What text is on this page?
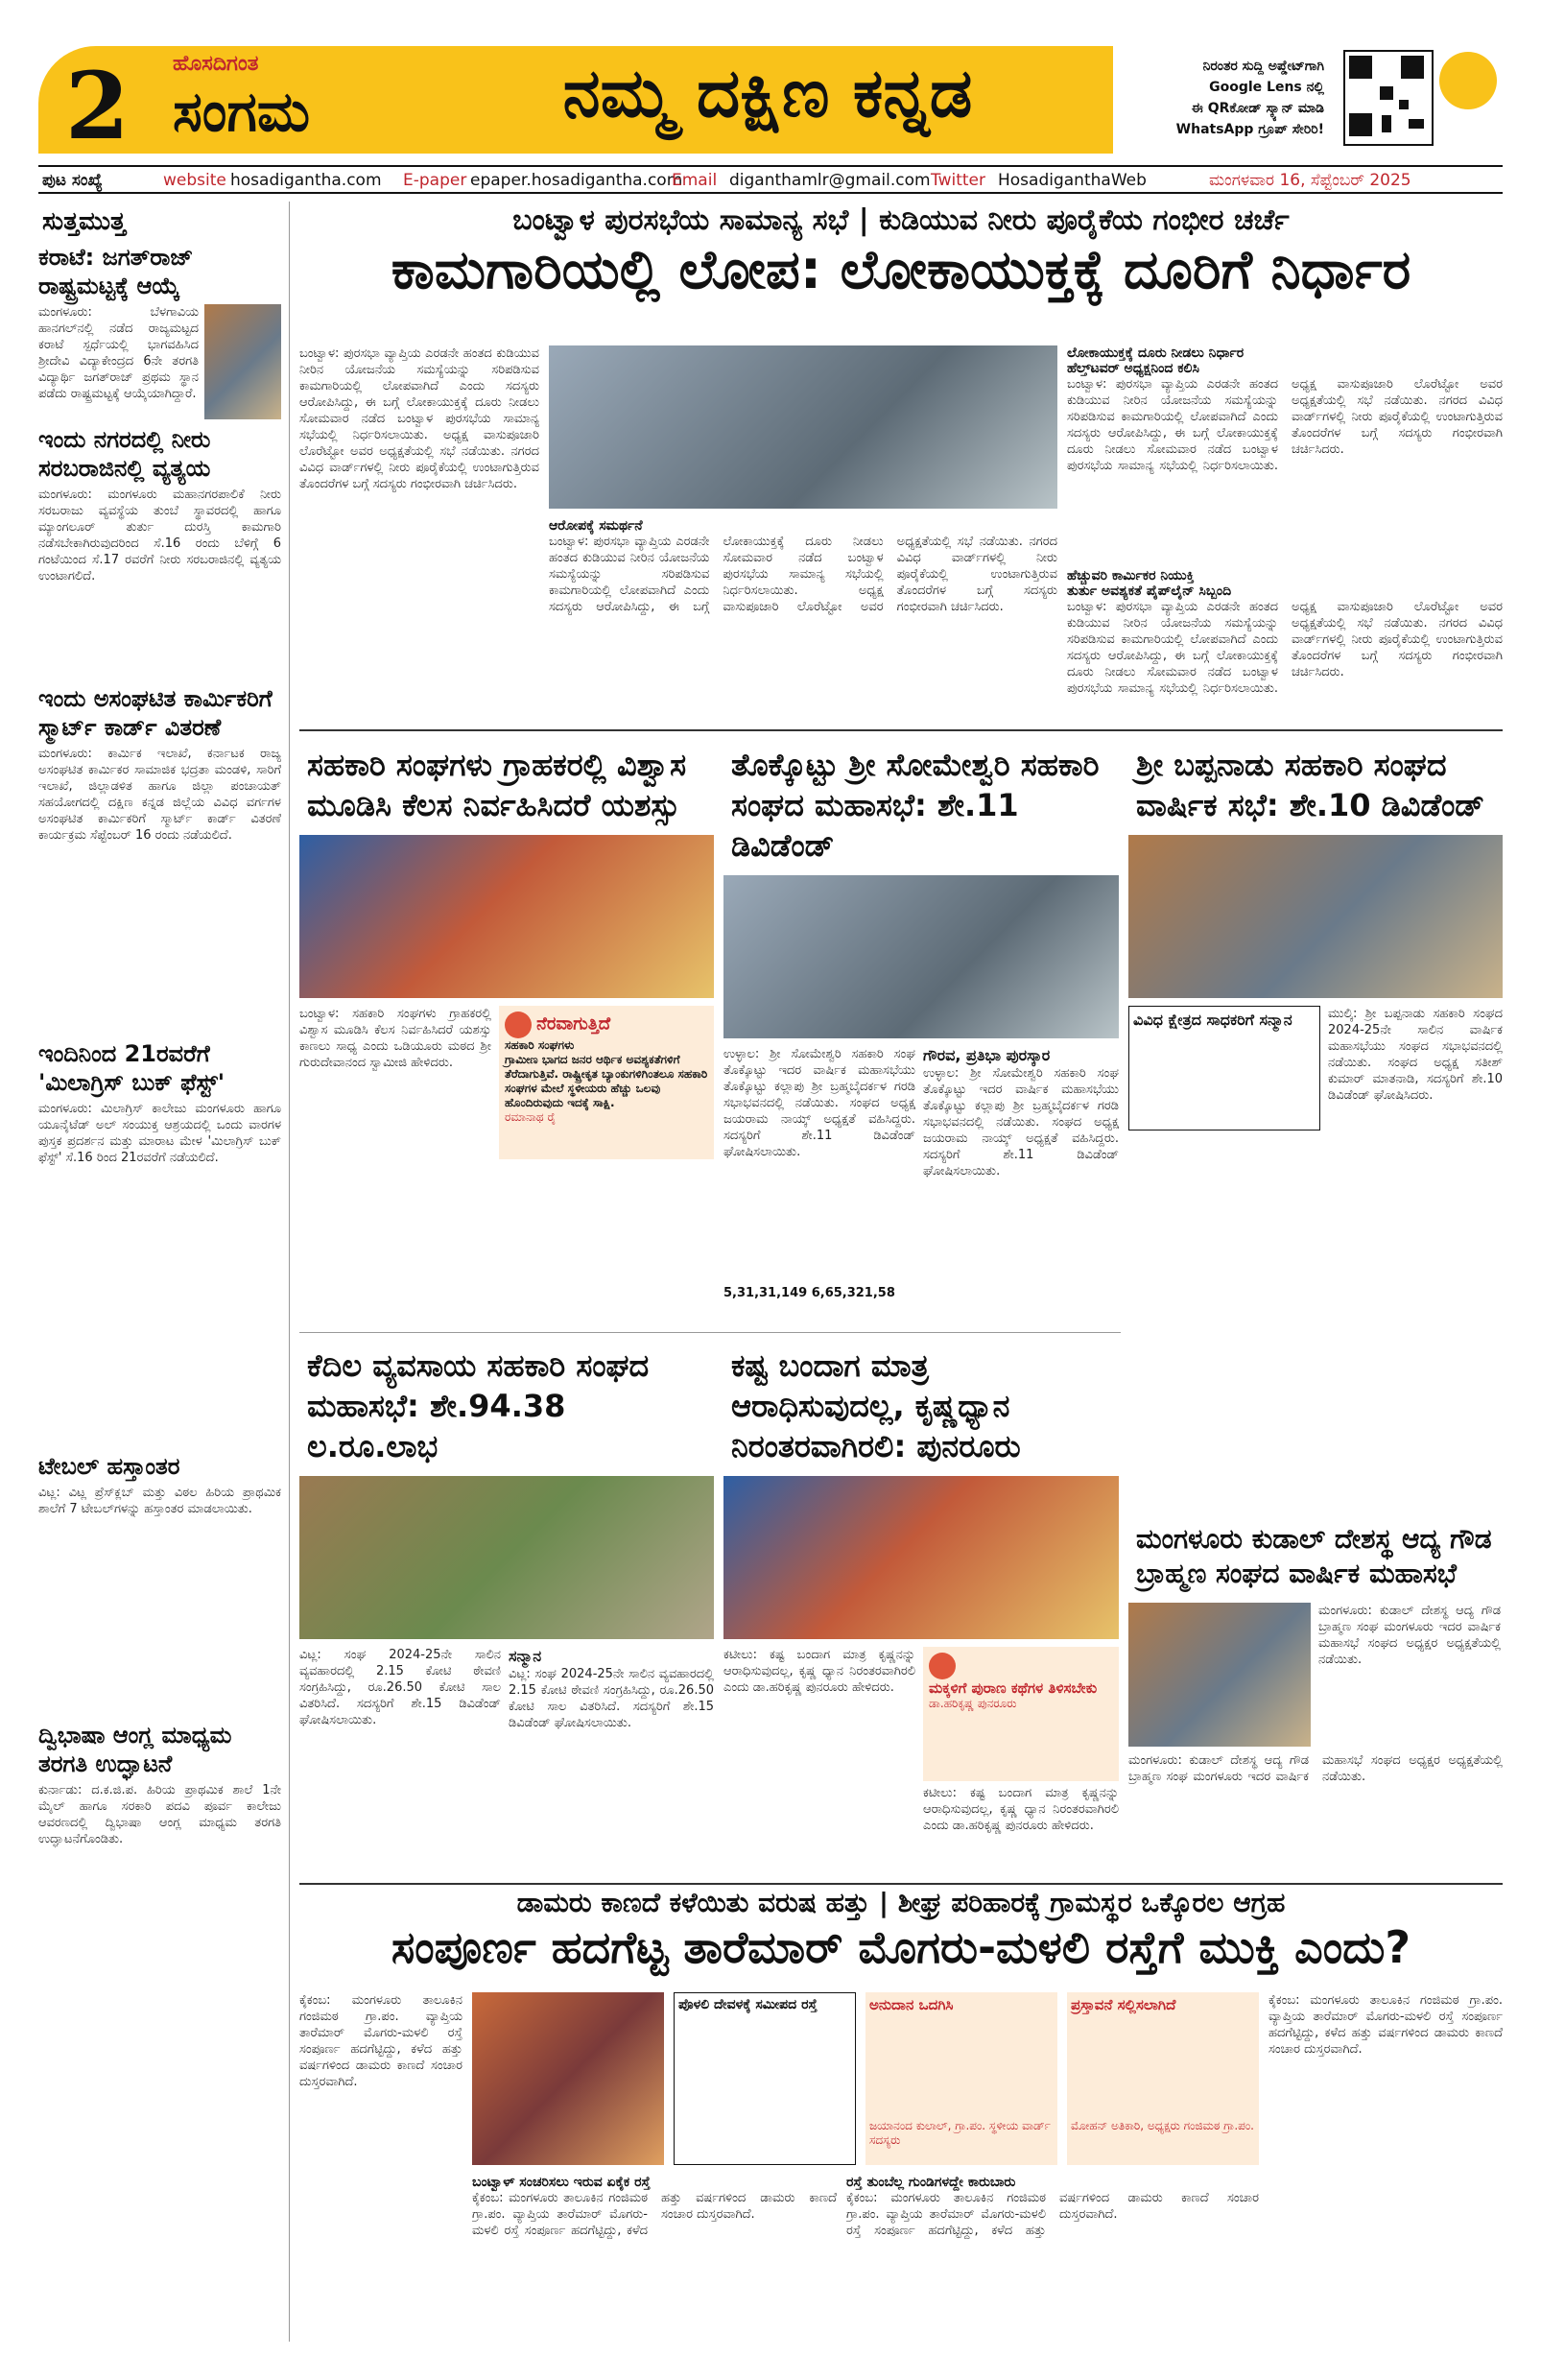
2 ಹೊಸದಿಗಂತ
ಸಂಗಮ	ನಮ್ಮ ದಕ್ಷಿಣ ಕನ್ನಡ	ನಿರಂತರ ಸುದ್ದಿ ಅಪ್ಡೇಟ್‌ಗಾಗಿ
Google Lens ನಲ್ಲಿ
ಈ QRಕೋಡ್ ಸ್ಕ್ಯಾನ್ ಮಾಡಿ
WhatsApp ಗ್ರೂಪ್ ಸೇರಿರಿ!
ಪುಟ ಸಂಖ್ಯೆ	website hosadigantha.com E-paper epaper.hosadigantha.com
Email diganthamlr@gmail.com Twitter HosadiganthaWeb	ಮಂಗಳವಾರ 16, ಸೆಪ್ಟೆಂಬರ್ 2025
ಸುತ್ತಮುತ್ತ
ಕರಾಟೆ: ಜಗತ್‌ರಾಜ್ ರಾಷ್ಟ್ರಮಟ್ಟಕ್ಕೆ ಆಯ್ಕೆ
ಮಂಗಳೂರು: ಬೆಳಗಾವಿಯ ಹಾನಗಲ್‌ನಲ್ಲಿ ನಡೆದ ರಾಜ್ಯಮಟ್ಟದ ಕರಾಟೆ ಸ್ಪರ್ಧೆಯಲ್ಲಿ ಭಾಗವಹಿಸಿದ ಶ್ರೀದೇವಿ ವಿದ್ಯಾಕೇಂದ್ರದ 6ನೇ ತರಗತಿ ವಿದ್ಯಾರ್ಥಿ ಜಗತ್‌ರಾಜ್ ಪ್ರಥಮ ಸ್ಥಾನ ಪಡೆದು ರಾಷ್ಟ್ರಮಟ್ಟಕ್ಕೆ ಆಯ್ಕೆಯಾಗಿದ್ದಾರೆ.
ಇಂದು ನಗರದಲ್ಲಿ ನೀರು ಸರಬರಾಜಿನಲ್ಲಿ ವ್ಯತ್ಯಯ
ಮಂಗಳೂರು: ಮಂಗಳೂರು ಮಹಾನಗರಪಾಲಿಕೆ ನೀರು ಸರಬರಾಜು ವ್ಯವಸ್ಥೆಯ ತುಂಬೆ ಸ್ಥಾವರದಲ್ಲಿ ಹಾಗೂ ಮ್ಯಾಂಗಲೂರ್ ತುರ್ತು ದುರಸ್ತಿ ಕಾಮಗಾರಿ ನಡೆಸಬೇಕಾಗಿರುವುದರಿಂದ ಸೆ.16 ರಂದು ಬೆಳಿಗ್ಗೆ 6 ಗಂಟೆಯಿಂದ ಸೆ.17 ರವರೆಗೆ ನೀರು ಸರಬರಾಜಿನಲ್ಲಿ ವ್ಯತ್ಯಯ ಉಂಟಾಗಲಿದೆ.
ಇಂದು ಅಸಂಘಟಿತ ಕಾರ್ಮಿಕರಿಗೆ ಸ್ಮಾರ್ಟ್ ಕಾರ್ಡ್ ವಿತರಣೆ
ಮಂಗಳೂರು: ಕಾರ್ಮಿಕ ಇಲಾಖೆ, ಕರ್ನಾಟಕ ರಾಜ್ಯ ಅಸಂಘಟಿತ ಕಾರ್ಮಿಕರ ಸಾಮಾಜಿಕ ಭದ್ರತಾ ಮಂಡಳಿ, ಸಾರಿಗೆ ಇಲಾಖೆ, ಜಿಲ್ಲಾಡಳಿತ ಹಾಗೂ ಜಿಲ್ಲಾ ಪಂಚಾಯತ್ ಸಹಯೋಗದಲ್ಲಿ ದಕ್ಷಿಣ ಕನ್ನಡ ಜಿಲ್ಲೆಯ ವಿವಿಧ ವರ್ಗಗಳ ಅಸಂಘಟಿತ ಕಾರ್ಮಿಕರಿಗೆ ಸ್ಮಾರ್ಟ್ ಕಾರ್ಡ್ ವಿತರಣೆ ಕಾರ್ಯಕ್ರಮ ಸೆಪ್ಟೆಂಬರ್ 16 ರಂದು ನಡೆಯಲಿದೆ.
ಇಂದಿನಿಂದ 21ರವರೆಗೆ 'ಮಿಲಾಗ್ರಿಸ್ ಬುಕ್ ಫೆಸ್ಟ್'
ಮಂಗಳೂರು: ಮಿಲಾಗ್ರಿಸ್ ಕಾಲೇಜು ಮಂಗಳೂರು ಹಾಗೂ ಯೂನೈಟೆಡ್ ಅಲ್ ಸಂಯುಕ್ತ ಆಶ್ರಯದಲ್ಲಿ ಒಂದು ವಾರಗಳ ಪುಸ್ತಕ ಪ್ರದರ್ಶನ ಮತ್ತು ಮಾರಾಟ ಮೇಳ 'ಮಿಲಾಗ್ರಿಸ್ ಬುಕ್ ಫೆಸ್ಟ್' ಸೆ.16 ರಿಂದ 21ರವರೆಗೆ ನಡೆಯಲಿದೆ.
ಟೇಬಲ್ ಹಸ್ತಾಂತರ
ವಿಟ್ಲ: ವಿಟ್ಲ ಪ್ರೆಸ್‌ಕ್ಲಬ್ ಮತ್ತು ವಿಠಲ ಹಿರಿಯ ಪ್ರಾಥಮಿಕ ಶಾಲೆಗೆ 7 ಟೇಬಲ್‌ಗಳನ್ನು ಹಸ್ತಾಂತರ ಮಾಡಲಾಯಿತು.
ದ್ವಿಭಾಷಾ ಆಂಗ್ಲ ಮಾಧ್ಯಮ ತರಗತಿ ಉದ್ಘಾಟನೆ
ಕುರ್ನಾಡು: ದ.ಕ.ಜಿ.ಪ. ಹಿರಿಯ ಪ್ರಾಥಮಿಕ ಶಾಲೆ 1ನೇ ಮೈಲ್ ಹಾಗೂ ಸರಕಾರಿ ಪದವಿ ಪೂರ್ವ ಕಾಲೇಜು ಆವರಣದಲ್ಲಿ ದ್ವಿಭಾಷಾ ಆಂಗ್ಲ ಮಾಧ್ಯಮ ತರಗತಿ ಉದ್ಘಾಟನೆಗೊಂಡಿತು.
ಬಂಟ್ವಾಳ ಪುರಸಭೆಯ ಸಾಮಾನ್ಯ ಸಭೆ | ಕುಡಿಯುವ ನೀರು ಪೂರೈಕೆಯ ಗಂಭೀರ ಚರ್ಚೆ
ಕಾಮಗಾರಿಯಲ್ಲಿ ಲೋಪ: ಲೋಕಾಯುಕ್ತಕ್ಕೆ ದೂರಿಗೆ ನಿರ್ಧಾರ
ಬಂಟ್ವಾಳ: ಪುರಸಭಾ ವ್ಯಾಪ್ತಿಯ ಎರಡನೇ ಹಂತದ ಕುಡಿಯುವ ನೀರಿನ ಯೋಜನೆಯ ಸಮಸ್ಯೆಯನ್ನು ಸರಿಪಡಿಸುವ ಕಾಮಗಾರಿಯಲ್ಲಿ ಲೋಪವಾಗಿದೆ ಎಂದು ಸದಸ್ಯರು ಆರೋಪಿಸಿದ್ದು, ಈ ಬಗ್ಗೆ ಲೋಕಾಯುಕ್ತಕ್ಕೆ ದೂರು ನೀಡಲು ಸೋಮವಾರ ನಡೆದ ಬಂಟ್ವಾಳ ಪುರಸಭೆಯ ಸಾಮಾನ್ಯ ಸಭೆಯಲ್ಲಿ ನಿರ್ಧರಿಸಲಾಯಿತು. ಅಧ್ಯಕ್ಷ ವಾಸುಪೂಜಾರಿ ಲೊರೆಟ್ಟೋ ಅವರ ಅಧ್ಯಕ್ಷತೆಯಲ್ಲಿ ಸಭೆ ನಡೆಯಿತು. ನಗರದ ವಿವಿಧ ವಾರ್ಡ್‌ಗಳಲ್ಲಿ ನೀರು ಪೂರೈಕೆಯಲ್ಲಿ ಉಂಟಾಗುತ್ತಿರುವ ತೊಂದರೆಗಳ ಬಗ್ಗೆ ಸದಸ್ಯರು ಗಂಭೀರವಾಗಿ ಚರ್ಚಿಸಿದರು.
ಆರೋಪಕ್ಕೆ ಸಮರ್ಥನೆ
ಬಂಟ್ವಾಳ: ಪುರಸಭಾ ವ್ಯಾಪ್ತಿಯ ಎರಡನೇ ಹಂತದ ಕುಡಿಯುವ ನೀರಿನ ಯೋಜನೆಯ ಸಮಸ್ಯೆಯನ್ನು ಸರಿಪಡಿಸುವ ಕಾಮಗಾರಿಯಲ್ಲಿ ಲೋಪವಾಗಿದೆ ಎಂದು ಸದಸ್ಯರು ಆರೋಪಿಸಿದ್ದು, ಈ ಬಗ್ಗೆ ಲೋಕಾಯುಕ್ತಕ್ಕೆ ದೂರು ನೀಡಲು ಸೋಮವಾರ ನಡೆದ ಬಂಟ್ವಾಳ ಪುರಸಭೆಯ ಸಾಮಾನ್ಯ ಸಭೆಯಲ್ಲಿ ನಿರ್ಧರಿಸಲಾಯಿತು. ಅಧ್ಯಕ್ಷ ವಾಸುಪೂಜಾರಿ ಲೊರೆಟ್ಟೋ ಅವರ ಅಧ್ಯಕ್ಷತೆಯಲ್ಲಿ ಸಭೆ ನಡೆಯಿತು. ನಗರದ ವಿವಿಧ ವಾರ್ಡ್‌ಗಳಲ್ಲಿ ನೀರು ಪೂರೈಕೆಯಲ್ಲಿ ಉಂಟಾಗುತ್ತಿರುವ ತೊಂದರೆಗಳ ಬಗ್ಗೆ ಸದಸ್ಯರು ಗಂಭೀರವಾಗಿ ಚರ್ಚಿಸಿದರು.
ಲೋಕಾಯುಕ್ತಕ್ಕೆ ದೂರು ನೀಡಲು ನಿರ್ಧಾರ
ಹೆಲ್ತ್‌ಟವರ್ ಅಧ್ಯಕ್ಷನಿಂದ ಕಲಿಸಿ
ಬಂಟ್ವಾಳ: ಪುರಸಭಾ ವ್ಯಾಪ್ತಿಯ ಎರಡನೇ ಹಂತದ ಕುಡಿಯುವ ನೀರಿನ ಯೋಜನೆಯ ಸಮಸ್ಯೆಯನ್ನು ಸರಿಪಡಿಸುವ ಕಾಮಗಾರಿಯಲ್ಲಿ ಲೋಪವಾಗಿದೆ ಎಂದು ಸದಸ್ಯರು ಆರೋಪಿಸಿದ್ದು, ಈ ಬಗ್ಗೆ ಲೋಕಾಯುಕ್ತಕ್ಕೆ ದೂರು ನೀಡಲು ಸೋಮವಾರ ನಡೆದ ಬಂಟ್ವಾಳ ಪುರಸಭೆಯ ಸಾಮಾನ್ಯ ಸಭೆಯಲ್ಲಿ ನಿರ್ಧರಿಸಲಾಯಿತು. ಅಧ್ಯಕ್ಷ ವಾಸುಪೂಜಾರಿ ಲೊರೆಟ್ಟೋ ಅವರ ಅಧ್ಯಕ್ಷತೆಯಲ್ಲಿ ಸಭೆ ನಡೆಯಿತು. ನಗರದ ವಿವಿಧ ವಾರ್ಡ್‌ಗಳಲ್ಲಿ ನೀರು ಪೂರೈಕೆಯಲ್ಲಿ ಉಂಟಾಗುತ್ತಿರುವ ತೊಂದರೆಗಳ ಬಗ್ಗೆ ಸದಸ್ಯರು ಗಂಭೀರವಾಗಿ ಚರ್ಚಿಸಿದರು.
ಹೆಚ್ಚುವರಿ ಕಾರ್ಮಿಕರ ನಿಯುಕ್ತಿ
ತುರ್ತು ಅವಶ್ಯಕತೆ ಪೈಪ್‌ಲೈನ್ ಸಿಬ್ಬಂದಿ
ಬಂಟ್ವಾಳ: ಪುರಸಭಾ ವ್ಯಾಪ್ತಿಯ ಎರಡನೇ ಹಂತದ ಕುಡಿಯುವ ನೀರಿನ ಯೋಜನೆಯ ಸಮಸ್ಯೆಯನ್ನು ಸರಿಪಡಿಸುವ ಕಾಮಗಾರಿಯಲ್ಲಿ ಲೋಪವಾಗಿದೆ ಎಂದು ಸದಸ್ಯರು ಆರೋಪಿಸಿದ್ದು, ಈ ಬಗ್ಗೆ ಲೋಕಾಯುಕ್ತಕ್ಕೆ ದೂರು ನೀಡಲು ಸೋಮವಾರ ನಡೆದ ಬಂಟ್ವಾಳ ಪುರಸಭೆಯ ಸಾಮಾನ್ಯ ಸಭೆಯಲ್ಲಿ ನಿರ್ಧರಿಸಲಾಯಿತು. ಅಧ್ಯಕ್ಷ ವಾಸುಪೂಜಾರಿ ಲೊರೆಟ್ಟೋ ಅವರ ಅಧ್ಯಕ್ಷತೆಯಲ್ಲಿ ಸಭೆ ನಡೆಯಿತು. ನಗರದ ವಿವಿಧ ವಾರ್ಡ್‌ಗಳಲ್ಲಿ ನೀರು ಪೂರೈಕೆಯಲ್ಲಿ ಉಂಟಾಗುತ್ತಿರುವ ತೊಂದರೆಗಳ ಬಗ್ಗೆ ಸದಸ್ಯರು ಗಂಭೀರವಾಗಿ ಚರ್ಚಿಸಿದರು.
ಸಹಕಾರಿ ಸಂಘಗಳು ಗ್ರಾಹಕರಲ್ಲಿ ವಿಶ್ವಾಸ ಮೂಡಿಸಿ ಕೆಲಸ ನಿರ್ವಹಿಸಿದರೆ ಯಶಸ್ಸು
ಬಂಟ್ವಾಳ: ಸಹಕಾರಿ ಸಂಘಗಳು ಗ್ರಾಹಕರಲ್ಲಿ ವಿಶ್ವಾಸ ಮೂಡಿಸಿ ಕೆಲಸ ನಿರ್ವಹಿಸಿದರೆ ಯಶಸ್ಸು ಕಾಣಲು ಸಾಧ್ಯ ಎಂದು ಒಡಿಯೂರು ಮಠದ ಶ್ರೀ ಗುರುದೇವಾನಂದ ಸ್ವಾಮೀಜಿ ಹೇಳಿದರು.
ನೆರವಾಗುತ್ತಿದೆ
ಸಹಕಾರಿ ಸಂಘಗಳು
ಗ್ರಾಮೀಣ ಭಾಗದ ಜನರ ಆರ್ಥಿಕ ಅವಶ್ಯಕತೆಗಳಿಗೆ ತೆರೆದಾಗುತ್ತಿವೆ. ರಾಷ್ಟ್ರೀಕೃತ ಬ್ಯಾಂಕುಗಳಿಗಿಂತಲೂ ಸಹಕಾರಿ ಸಂಘಗಳ ಮೇಲೆ ಸ್ಥಳೀಯರು ಹೆಚ್ಚು ಒಲವು ಹೊಂದಿರುವುದು ಇದಕ್ಕೆ ಸಾಕ್ಷಿ.
ರಮಾನಾಥ ರೈ
ತೊಕ್ಕೊಟ್ಟು ಶ್ರೀ ಸೋಮೇಶ್ವರಿ ಸಹಕಾರಿ ಸಂಘದ ಮಹಾಸಭೆ: ಶೇ.11 ಡಿವಿಡೆಂಡ್
ಉಳ್ಳಾಲ: ಶ್ರೀ ಸೋಮೇಶ್ವರಿ ಸಹಕಾರಿ ಸಂಘ ತೊಕ್ಕೊಟ್ಟು ಇದರ ವಾರ್ಷಿಕ ಮಹಾಸಭೆಯು ತೊಕ್ಕೊಟ್ಟು ಕಲ್ಲಾಪು ಶ್ರೀ ಬ್ರಹ್ಮಬೈದರ್ಕಳ ಗರಡಿ ಸಭಾಭವನದಲ್ಲಿ ನಡೆಯಿತು. ಸಂಘದ ಅಧ್ಯಕ್ಷ ಜಯರಾಮ ನಾಯ್ಕ್ ಅಧ್ಯಕ್ಷತೆ ವಹಿಸಿದ್ದರು. ಸದಸ್ಯರಿಗೆ ಶೇ.11 ಡಿವಿಡೆಂಡ್ ಘೋಷಿಸಲಾಯಿತು.
5,31,31,149 6,65,321,58
ಗೌರವ, ಪ್ರತಿಭಾ ಪುರಸ್ಕಾರ
ಉಳ್ಳಾಲ: ಶ್ರೀ ಸೋಮೇಶ್ವರಿ ಸಹಕಾರಿ ಸಂಘ ತೊಕ್ಕೊಟ್ಟು ಇದರ ವಾರ್ಷಿಕ ಮಹಾಸಭೆಯು ತೊಕ್ಕೊಟ್ಟು ಕಲ್ಲಾಪು ಶ್ರೀ ಬ್ರಹ್ಮಬೈದರ್ಕಳ ಗರಡಿ ಸಭಾಭವನದಲ್ಲಿ ನಡೆಯಿತು. ಸಂಘದ ಅಧ್ಯಕ್ಷ ಜಯರಾಮ ನಾಯ್ಕ್ ಅಧ್ಯಕ್ಷತೆ ವಹಿಸಿದ್ದರು. ಸದಸ್ಯರಿಗೆ ಶೇ.11 ಡಿವಿಡೆಂಡ್ ಘೋಷಿಸಲಾಯಿತು.
ಶ್ರೀ ಬಪ್ಪನಾಡು ಸಹಕಾರಿ ಸಂಘದ ವಾರ್ಷಿಕ ಸಭೆ: ಶೇ.10 ಡಿವಿಡೆಂಡ್
ವಿವಿಧ ಕ್ಷೇತ್ರದ ಸಾಧಕರಿಗೆ ಸನ್ಮಾನ	ಮುಲ್ಕಿ: ಶ್ರೀ ಬಪ್ಪನಾಡು ಸಹಕಾರಿ ಸಂಘದ 2024-25ನೇ ಸಾಲಿನ ವಾರ್ಷಿಕ ಮಹಾಸಭೆಯು ಸಂಘದ ಸಭಾಭವನದಲ್ಲಿ ನಡೆಯಿತು. ಸಂಘದ ಅಧ್ಯಕ್ಷ ಸತೀಶ್ ಕುಮಾರ್ ಮಾತನಾಡಿ, ಸದಸ್ಯರಿಗೆ ಶೇ.10 ಡಿವಿಡೆಂಡ್ ಘೋಷಿಸಿದರು.
ಕೆದಿಲ ವ್ಯವಸಾಯ ಸಹಕಾರಿ ಸಂಘದ ಮಹಾಸಭೆ: ಶೇ.94.38 ಲ.ರೂ.ಲಾಭ
ವಿಟ್ಲ: ಸಂಘ 2024-25ನೇ ಸಾಲಿನ ವ್ಯವಹಾರದಲ್ಲಿ 2.15 ಕೋಟಿ ಠೇವಣಿ ಸಂಗ್ರಹಿಸಿದ್ದು, ರೂ.26.50 ಕೋಟಿ ಸಾಲ ವಿತರಿಸಿದೆ. ಸದಸ್ಯರಿಗೆ ಶೇ.15 ಡಿವಿಡೆಂಡ್ ಘೋಷಿಸಲಾಯಿತು.
ಸನ್ಮಾನ
ವಿಟ್ಲ: ಸಂಘ 2024-25ನೇ ಸಾಲಿನ ವ್ಯವಹಾರದಲ್ಲಿ 2.15 ಕೋಟಿ ಠೇವಣಿ ಸಂಗ್ರಹಿಸಿದ್ದು, ರೂ.26.50 ಕೋಟಿ ಸಾಲ ವಿತರಿಸಿದೆ. ಸದಸ್ಯರಿಗೆ ಶೇ.15 ಡಿವಿಡೆಂಡ್ ಘೋಷಿಸಲಾಯಿತು.
ಕಷ್ಟ ಬಂದಾಗ ಮಾತ್ರ ಆರಾಧಿಸುವುದಲ್ಲ, ಕೃಷ್ಣಧ್ಯಾನ ನಿರಂತರವಾಗಿರಲಿ: ಪುನರೂರು
ಕಟೀಲು: ಕಷ್ಟ ಬಂದಾಗ ಮಾತ್ರ ಕೃಷ್ಣನನ್ನು ಆರಾಧಿಸುವುದಲ್ಲ, ಕೃಷ್ಣ ಧ್ಯಾನ ನಿರಂತರವಾಗಿರಲಿ ಎಂದು ಡಾ.ಹರಿಕೃಷ್ಣ ಪುನರೂರು ಹೇಳಿದರು.	ಮಕ್ಕಳಿಗೆ ಪುರಾಣ ಕಥೆಗಳ ತಿಳಿಸಬೇಕು
ಡಾ.ಹರಿಕೃಷ್ಣ ಪುನರೂರು
ಕಟೀಲು: ಕಷ್ಟ ಬಂದಾಗ ಮಾತ್ರ ಕೃಷ್ಣನನ್ನು ಆರಾಧಿಸುವುದಲ್ಲ, ಕೃಷ್ಣ ಧ್ಯಾನ ನಿರಂತರವಾಗಿರಲಿ ಎಂದು ಡಾ.ಹರಿಕೃಷ್ಣ ಪುನರೂರು ಹೇಳಿದರು.
ಮಂಗಳೂರು ಕುಡಾಲ್ ದೇಶಸ್ಥ ಆದ್ಯ ಗೌಡ ಬ್ರಾಹ್ಮಣ ಸಂಘದ ವಾರ್ಷಿಕ ಮಹಾಸಭೆ
ಮಂಗಳೂರು: ಕುಡಾಲ್ ದೇಶಸ್ಥ ಆದ್ಯ ಗೌಡ ಬ್ರಾಹ್ಮಣ ಸಂಘ ಮಂಗಳೂರು ಇದರ ವಾರ್ಷಿಕ ಮಹಾಸಭೆ ಸಂಘದ ಅಧ್ಯಕ್ಷರ ಅಧ್ಯಕ್ಷತೆಯಲ್ಲಿ ನಡೆಯಿತು.
ಮಂಗಳೂರು: ಕುಡಾಲ್ ದೇಶಸ್ಥ ಆದ್ಯ ಗೌಡ ಬ್ರಾಹ್ಮಣ ಸಂಘ ಮಂಗಳೂರು ಇದರ ವಾರ್ಷಿಕ ಮಹಾಸಭೆ ಸಂಘದ ಅಧ್ಯಕ್ಷರ ಅಧ್ಯಕ್ಷತೆಯಲ್ಲಿ ನಡೆಯಿತು.
ಡಾಮರು ಕಾಣದೆ ಕಳೆಯಿತು ವರುಷ ಹತ್ತು | ಶೀಘ್ರ ಪರಿಹಾರಕ್ಕೆ ಗ್ರಾಮಸ್ಥರ ಒಕ್ಕೊರಲ ಆಗ್ರಹ
ಸಂಪೂರ್ಣ ಹದಗೆಟ್ಟ ತಾರೆಮಾರ್ ಮೊಗರು-ಮಳಲಿ ರಸ್ತೆಗೆ ಮುಕ್ತಿ ಎಂದು?
ಕೈಕಂಬ: ಮಂಗಳೂರು ತಾಲೂಕಿನ ಗಂಜಿಮಠ ಗ್ರಾ.ಪಂ. ವ್ಯಾಪ್ತಿಯ ತಾರೆಮಾರ್ ಮೊಗರು-ಮಳಲಿ ರಸ್ತೆ ಸಂಪೂರ್ಣ ಹದಗೆಟ್ಟಿದ್ದು, ಕಳೆದ ಹತ್ತು ವರ್ಷಗಳಿಂದ ಡಾಮರು ಕಾಣದೆ ಸಂಚಾರ ದುಸ್ತರವಾಗಿದೆ.
ಬಂಟ್ವಾಳ್ ಸಂಚರಿಸಲು ಇರುವ ಏಕೈಕ ರಸ್ತೆ
ಕೈಕಂಬ: ಮಂಗಳೂರು ತಾಲೂಕಿನ ಗಂಜಿಮಠ ಗ್ರಾ.ಪಂ. ವ್ಯಾಪ್ತಿಯ ತಾರೆಮಾರ್ ಮೊಗರು-ಮಳಲಿ ರಸ್ತೆ ಸಂಪೂರ್ಣ ಹದಗೆಟ್ಟಿದ್ದು, ಕಳೆದ ಹತ್ತು ವರ್ಷಗಳಿಂದ ಡಾಮರು ಕಾಣದೆ ಸಂಚಾರ ದುಸ್ತರವಾಗಿದೆ.
ಪೊಳಲಿ ದೇವಳಕ್ಕೆ ಸಮೀಪದ ರಸ್ತೆ	ಅನುದಾನ ಒದಗಿಸಿ
ಜಯಾನಂದ ಕುಲಾಲ್, ಗ್ರಾ.ಪಂ. ಸ್ಥಳೀಯ ವಾರ್ಡ್ ಸದಸ್ಯರು
ಪ್ರಸ್ತಾವನೆ ಸಲ್ಲಿಸಲಾಗಿದೆ
ಮೋಹನ್ ಅತಿಕಾರಿ, ಅಧ್ಯಕ್ಷರು ಗಂಜಿಮಠ ಗ್ರಾ.ಪಂ.
ರಸ್ತೆ ತುಂಬೆಲ್ಲ ಗುಂಡಿಗಳದ್ದೇ ಕಾರುಬಾರು
ಕೈಕಂಬ: ಮಂಗಳೂರು ತಾಲೂಕಿನ ಗಂಜಿಮಠ ಗ್ರಾ.ಪಂ. ವ್ಯಾಪ್ತಿಯ ತಾರೆಮಾರ್ ಮೊಗರು-ಮಳಲಿ ರಸ್ತೆ ಸಂಪೂರ್ಣ ಹದಗೆಟ್ಟಿದ್ದು, ಕಳೆದ ಹತ್ತು ವರ್ಷಗಳಿಂದ ಡಾಮರು ಕಾಣದೆ ಸಂಚಾರ ದುಸ್ತರವಾಗಿದೆ.
ಕೈಕಂಬ: ಮಂಗಳೂರು ತಾಲೂಕಿನ ಗಂಜಿಮಠ ಗ್ರಾ.ಪಂ. ವ್ಯಾಪ್ತಿಯ ತಾರೆಮಾರ್ ಮೊಗರು-ಮಳಲಿ ರಸ್ತೆ ಸಂಪೂರ್ಣ ಹದಗೆಟ್ಟಿದ್ದು, ಕಳೆದ ಹತ್ತು ವರ್ಷಗಳಿಂದ ಡಾಮರು ಕಾಣದೆ ಸಂಚಾರ ದುಸ್ತರವಾಗಿದೆ.
